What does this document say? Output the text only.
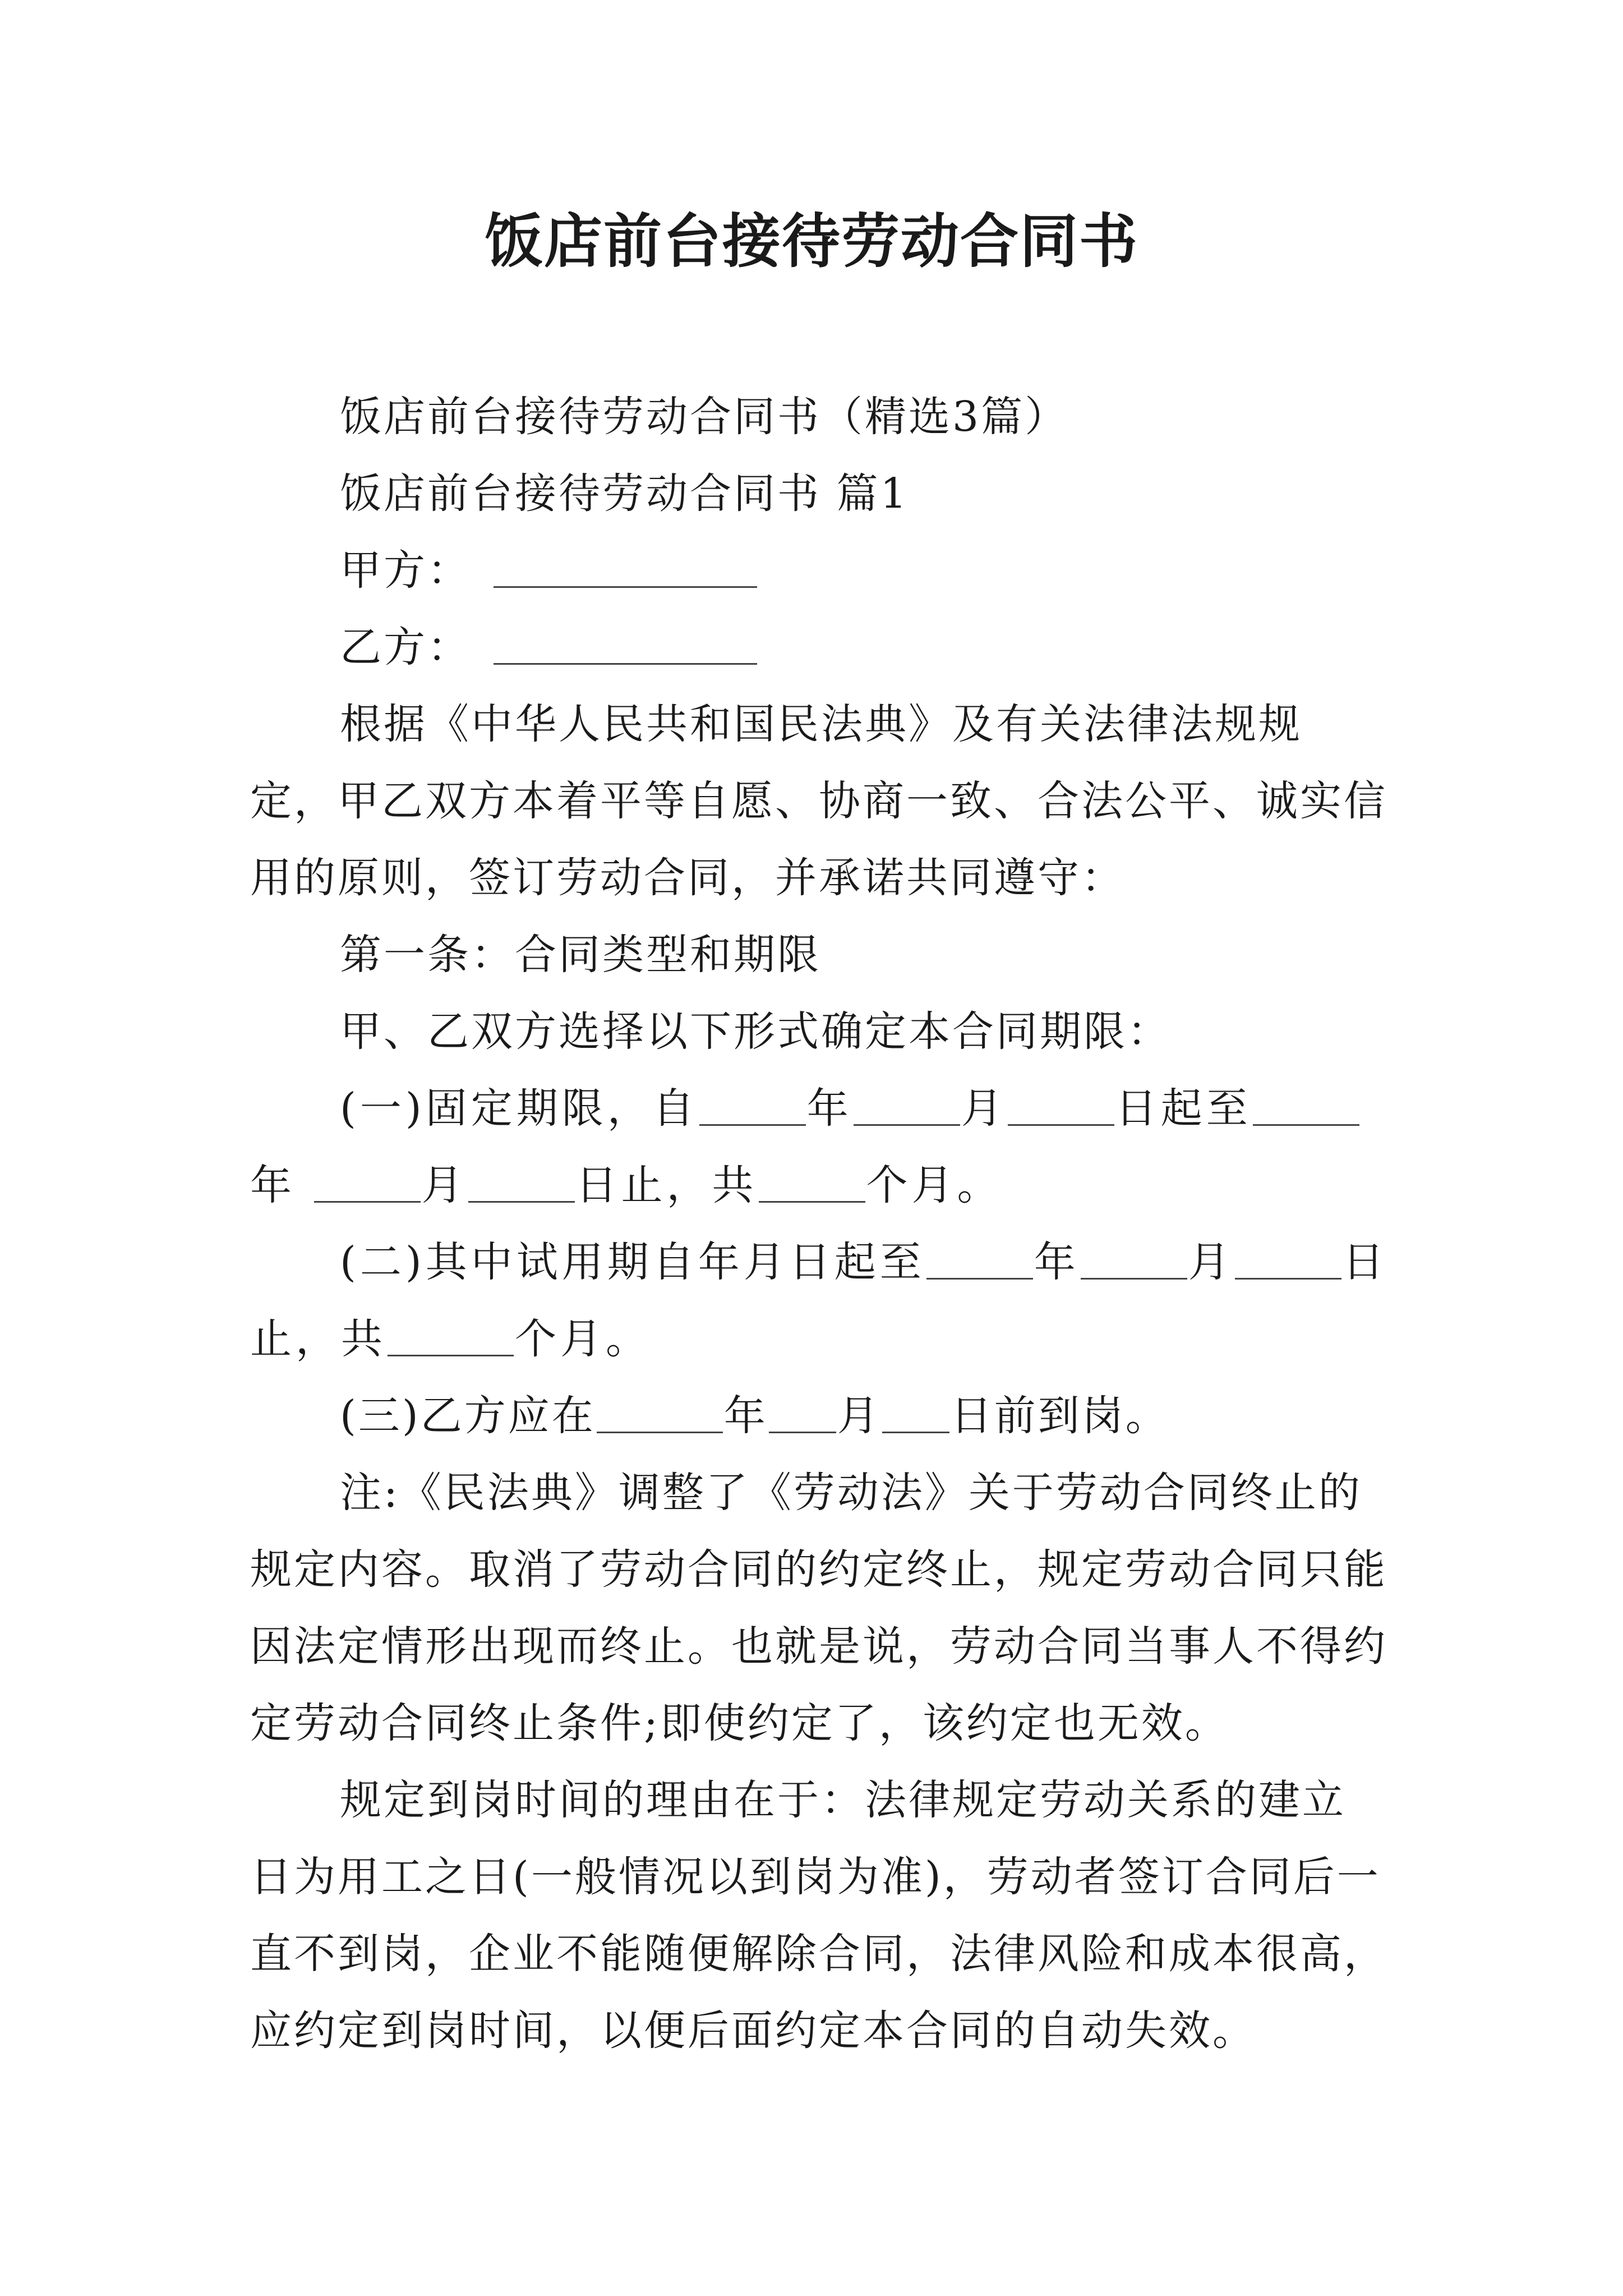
饭店前台接待劳动合同书

饭店前台接待劳动合同书（精选3篇）

饭店前台接待劳动合同书 篇1

甲方：

乙方：

根据《中华人民共和国民法典》及有关法律法规规定，甲乙双方本着平等自愿、协商一致、合法公平、诚实信用的原则，签订劳动合同，并承诺共同遵守：

第一条：合同类型和期限

甲、乙双方选择以下形式确定本合同期限：

(一)固定期限，自	年	月	日起至年	月	日止，共	个月。

(二)其中试用期自年月日起至	年	月	日止，共	个月。

(三)乙方应在	年 月 日前到岗。

注:《民法典》调整了《劳动法》关于劳动合同终止的规定内容。取消了劳动合同的约定终止，规定劳动合同只能因法定情形出现而终止。也就是说，劳动合同当事人不得约定劳动合同终止条件;即使约定了，该约定也无效。

规定到岗时间的理由在于：法律规定劳动关系的建立日为用工之日(一般情况以到岗为准)，劳动者签订合同后一直不到岗，企业不能随便解除合同，法律风险和成本很高，应约定到岗时间，以便后面约定本合同的自动失效。
